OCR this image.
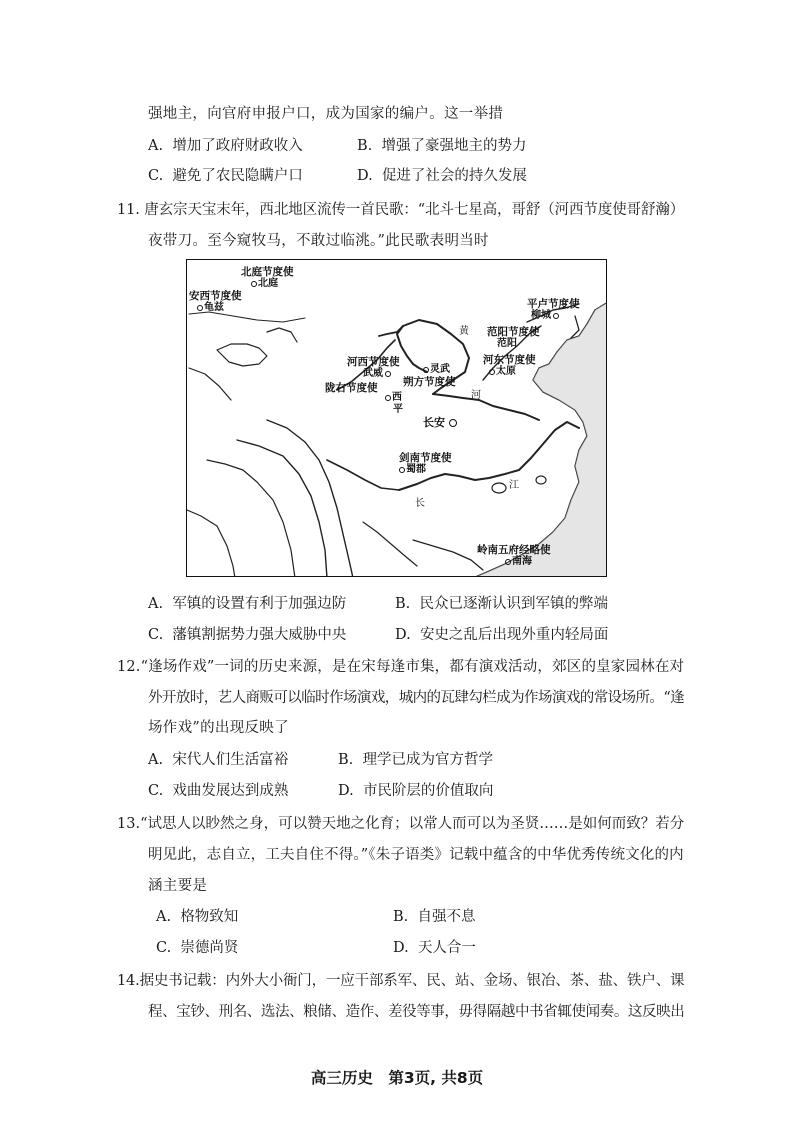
强地主，向官府申报户口，成为国家的编户。这一举措
A. 增加了政府财政收入	B. 增强了豪强地主的势力
C. 避免了农民隐瞒户口	D. 促进了社会的持久发展
11. 唐玄宗天宝末年，西北地区流传一首民歌：“北斗七星高，哥舒（河西节度使哥舒瀚）
夜带刀。至今窥牧马，不敢过临洮。”此民歌表明当时
北庭节度使
北庭
安西节度使
龟兹	平卢节度使
柳城
范阳节度使
范阳
河东节度使
太原
河西节度使
武威	灵武
朔方节度使
陇右节度使
西
平
长安
剑南节度使
蜀郡
岭南五府经略使
南海
黄
河
长
江
A. 军镇的设置有利于加强边防	B. 民众已逐渐认识到军镇的弊端
C. 藩镇割据势力强大威胁中央	D. 安史之乱后出现外重内轻局面
12.“逢场作戏”一词的历史来源，是在宋每逢市集，都有演戏活动，郊区的皇家园林在对
外开放时，艺人商贩可以临时作场演戏，城内的瓦肆勾栏成为作场演戏的常设场所。“逢
场作戏”的出现反映了
A. 宋代人们生活富裕	B. 理学已成为官方哲学
C. 戏曲发展达到成熟	D. 市民阶层的价值取向
13.“试思人以眇然之身，可以赞天地之化育；以常人而可以为圣贤……是如何而致？若分
明见此，志自立，工夫自住不得。”《朱子语类》记载中蕴含的中华优秀传统文化的内
涵主要是
A. 格物致知	B. 自强不息
C. 崇德尚贤	D. 天人合一
14.据史书记载：内外大小衙门，一应干部系军、民、站、金场、银冶、茶、盐、铁户、课
程、宝钞、刑名、选法、粮储、造作、差役等事，毋得隔越中书省辄使闻奏。这反映出
高三历史　第3页, 共8页
